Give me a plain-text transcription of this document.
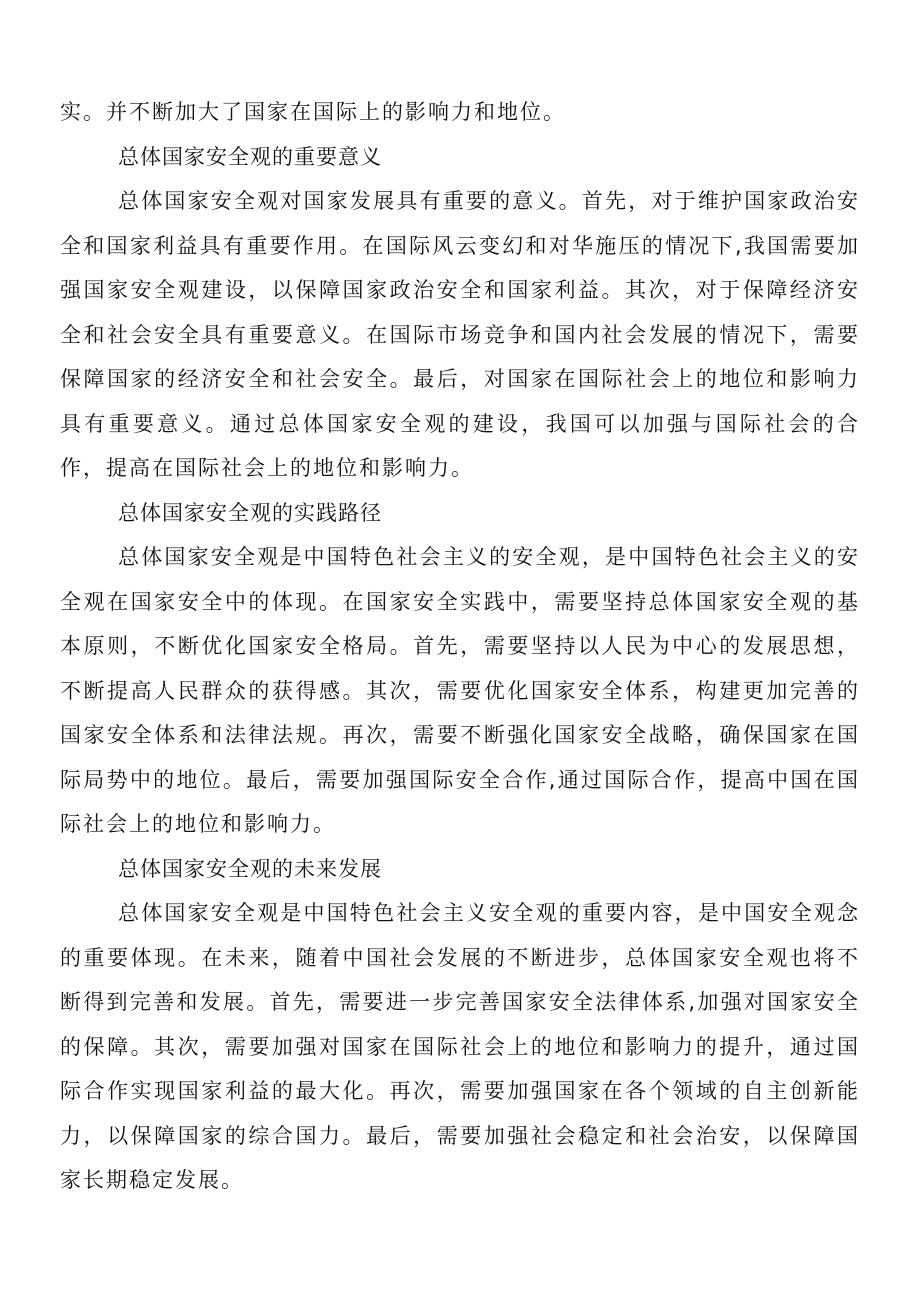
实。并不断加大了国家在国际上的影响力和地位。
总体国家安全观的重要意义
总体国家安全观对国家发展具有重要的意义。首先，对于维护国家政治安
全和国家利益具有重要作用。在国际风云变幻和对华施压的情况下,我国需要加
强国家安全观建设，以保障国家政治安全和国家利益。其次，对于保障经济安
全和社会安全具有重要意义。在国际市场竞争和国内社会发展的情况下，需要
保障国家的经济安全和社会安全。最后，对国家在国际社会上的地位和影响力
具有重要意义。通过总体国家安全观的建设，我国可以加强与国际社会的合
作，提高在国际社会上的地位和影响力。
总体国家安全观的实践路径
总体国家安全观是中国特色社会主义的安全观，是中国特色社会主义的安
全观在国家安全中的体现。在国家安全实践中，需要坚持总体国家安全观的基
本原则，不断优化国家安全格局。首先，需要坚持以人民为中心的发展思想，
不断提高人民群众的获得感。其次，需要优化国家安全体系，构建更加完善的
国家安全体系和法律法规。再次，需要不断强化国家安全战略，确保国家在国
际局势中的地位。最后，需要加强国际安全合作,通过国际合作，提高中国在国
际社会上的地位和影响力。
总体国家安全观的未来发展
总体国家安全观是中国特色社会主义安全观的重要内容，是中国安全观念
的重要体现。在未来，随着中国社会发展的不断进步，总体国家安全观也将不
断得到完善和发展。首先，需要进一步完善国家安全法律体系,加强对国家安全
的保障。其次，需要加强对国家在国际社会上的地位和影响力的提升，通过国
际合作实现国家利益的最大化。再次，需要加强国家在各个领域的自主创新能
力，以保障国家的综合国力。最后，需要加强社会稳定和社会治安，以保障国
家长期稳定发展。
